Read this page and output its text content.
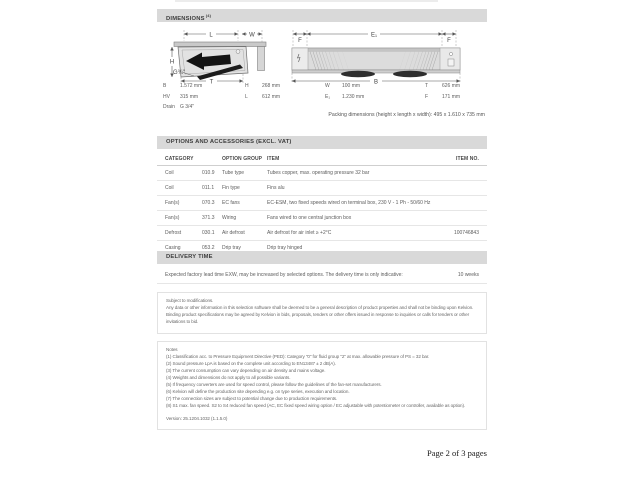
DIMENSIONS$^{(4)}$
L	W
H
G¾"
T
F
E₁
F
B
B	1.572 mm
HV 315 mm
Drain G 3/4"
H	268 mm
L	612 mm
W 100 mm
E₁ 1.230 mm
T	626 mm
F	171 mm
Packing dimensions (height x length x width): 495 x 1.610 x 735 mm
OPTIONS AND ACCESSORIES (EXCL. VAT)
CATEGORY	OPTION GROUP ITEM	ITEM NO.
Coil	010.9	Tube type	Tubes copper, max. operating pressure 32 bar
Coil	011.1	Fin type	Fins alu
Fan(s)	070.3	EC fans	EC-ESM, two fixed speeds wired on terminal box, 230 V - 1 Ph - 50/60 Hz
Fan(s)	371.3	Wiring	Fans wired to one central junction box
Defrost	030.1	Air defrost	Air defrost for air inlet ≥ +2°C	100746843
Casing	053.2	Drip tray	Drip tray hinged
DELIVERY TIME
Expected factory lead time EXW, may be increased by selected options. The delivery time is only indicative:	10 weeks
Subject to modifications.
Any data or other information in this selection software shall be deemed to be a general description of product properties and shall not be binding upon Kelvion. Binding product specifications may be agreed by Kelvion in bids, proposals, tenders or other offers issued in response to inquiries or calls for tenders or other invitations to bid.
Notes
(1) Classification acc. to Pressure Equipment Directive (PED): Category "0" for fluid group "2" at max. allowable pressure of PS = 32 bar.
(2) Sound pressure LpA is based on the complete unit according to EN13487 ± 2 dB(A).
(3) The current consumption can vary depending on air density and mains voltage.
(4) Weights and dimensions do not apply to all possible variants.
(5) If frequency converters are used for speed control, please follow the guidelines of the fan-set manufacturers.
(6) Kelvion will define the production site depending e.g. on type series, execution and location.
(7) The connection sizes are subject to potential change due to production requirements.
(8) S1 max. fan speed. S2 to S4 reduced fan speed (AC, EC fixed speed wiring option / EC adjustable with potentiometer or controller, available as option).
Version: 25.1204.1032 (1.1.5.0)
Page 2 of 3 pages
